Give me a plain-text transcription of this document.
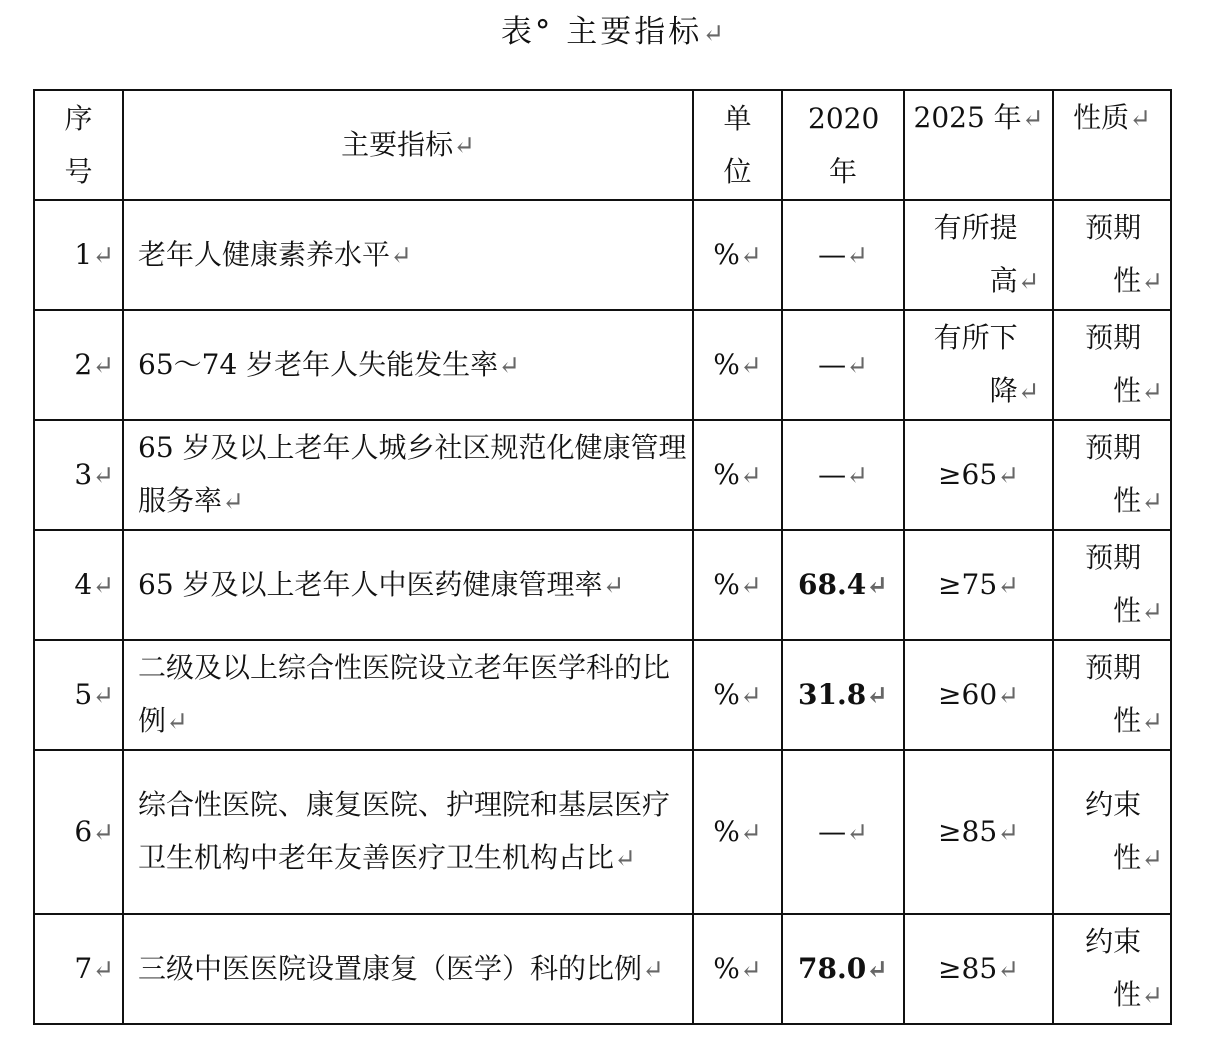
表° 主要指标↵
序号	主要指标↵	单位	2020年	2025 年↵	性质↵
1↵	老年人健康素养水平↵	%↵	—↵	有所提高↵	预期性↵
2↵	65～74 岁老年人失能发生率↵	%↵	—↵	有所下降↵	预期性↵
3↵	65 岁及以上老年人城乡社区规范化健康管理服务率↵	%↵	—↵	≥65↵	预期性↵
4↵	65 岁及以上老年人中医药健康管理率↵	%↵	68.4↵	≥75↵	预期性↵
5↵	二级及以上综合性医院设立老年医学科的比例↵	%↵	31.8↵	≥60↵	预期性↵
6↵	综合性医院、康复医院、护理院和基层医疗卫生机构中老年友善医疗卫生机构占比↵	%↵	—↵	≥85↵	约束性↵
7↵	三级中医医院设置康复（医学）科的比例↵	%↵	78.0↵	≥85↵	约束性↵
